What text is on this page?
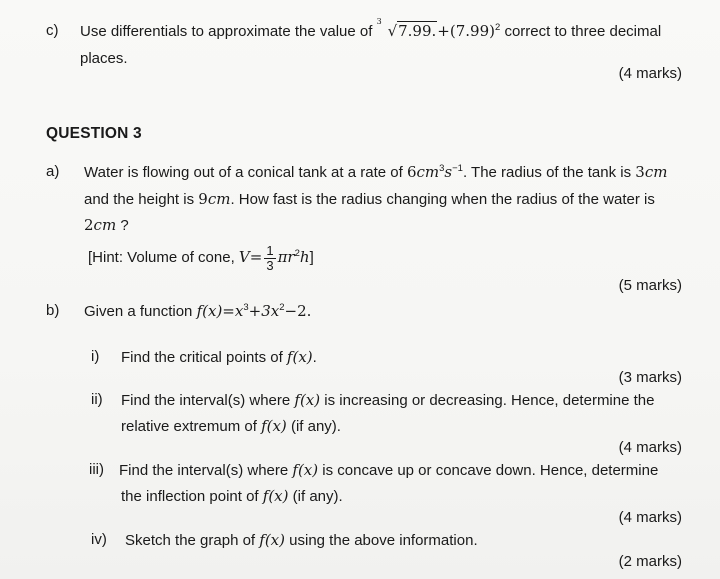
c) Use differentials to approximate the value of
3
$√7.99.+(7.99)^2$ correct to three decimal
places.
(4 marks)
QUESTION 3
a) Water is flowing out of a conical tank at a rate of $6cm^3s^{-1}$. The radius of the tank is 3cm
and the height is 9cm. How fast is the radius changing when the radius of the water is
2cm ?
[Hint: Volume of cone, $V= \frac{1}{3} \pi r^2h$]
(5 marks)
b) Given a function $f(x)=x^3+3x^2-2$.
i) Find the critical points of f(x).
(3 marks)
ii) Find the interval(s) where f(x) is increasing or decreasing. Hence, determine the
relative extremum of f(x) (if any).
(4 marks)
iii) Find the interval(s) where f(x) is concave up or concave down. Hence, determine
the inflection point of f(x) (if any).
(4 marks)
iv) Sketch the graph of f(x) using the above information.
(2 marks)
